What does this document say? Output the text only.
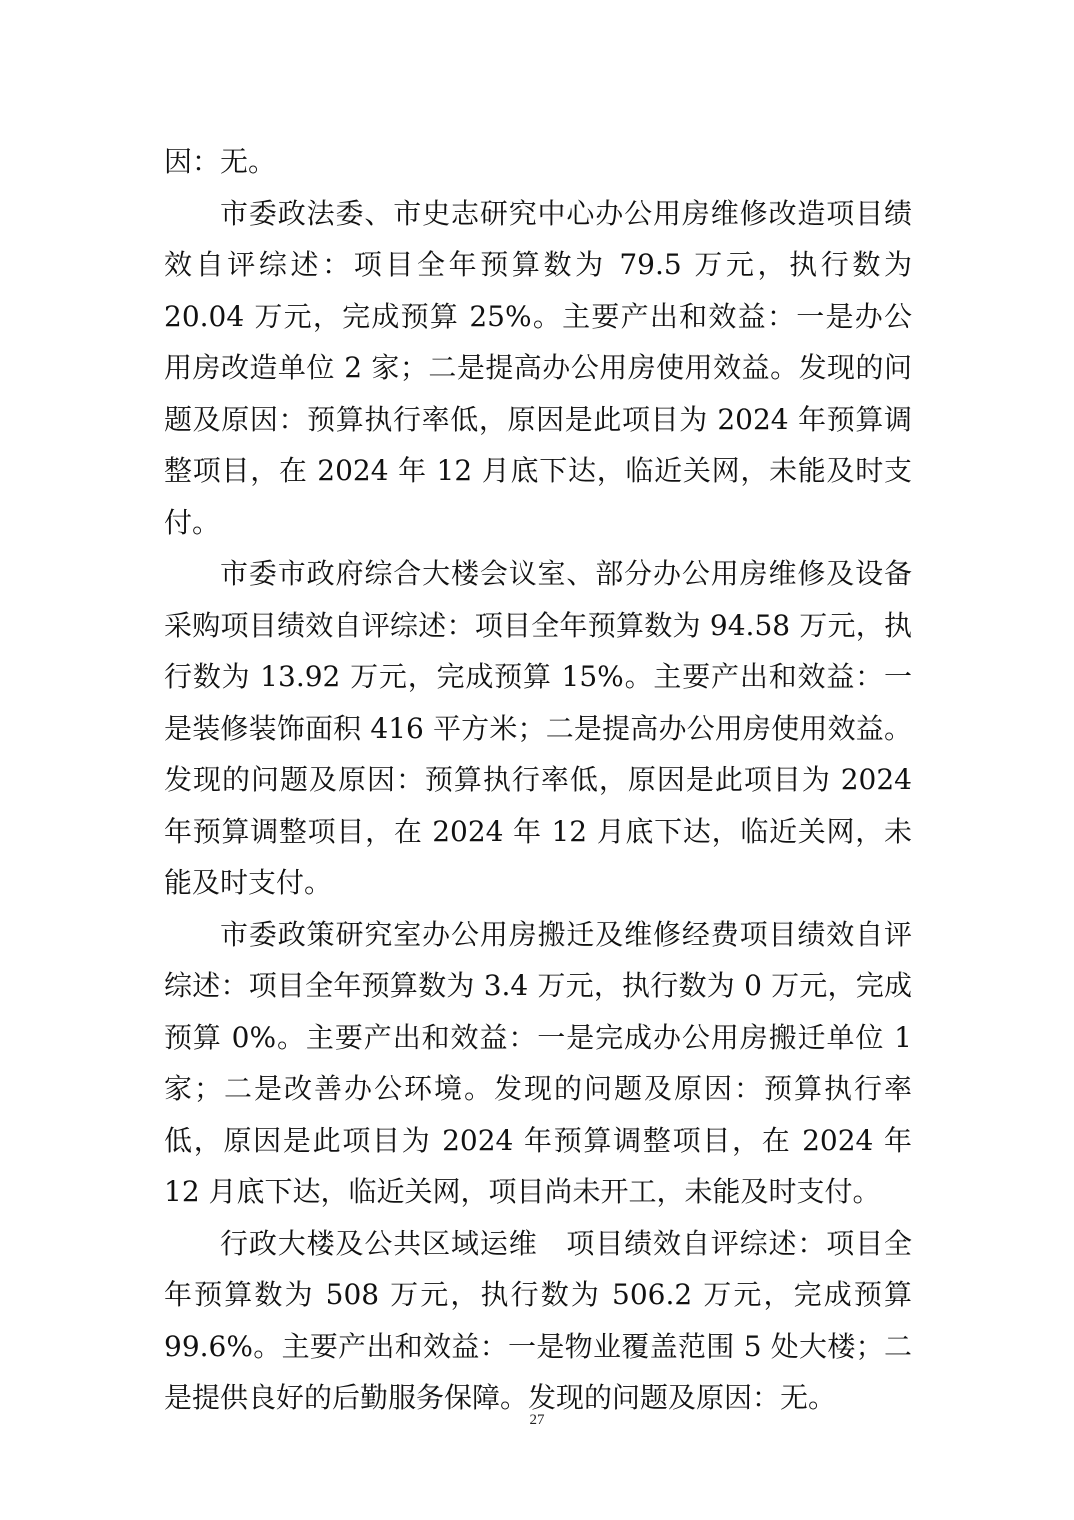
因：无。

市委政法委、市史志研究中心办公用房维修改造项目绩效自评综述：项目全年预算数为 79.5 万元，执行数为 20.04 万元，完成预算 25%。主要产出和效益：一是办公用房改造单位 2 家；二是提高办公用房使用效益。发现的问题及原因：预算执行率低，原因是此项目为 2024 年预算调整项目，在 2024 年 12 月底下达，临近关网，未能及时支付。

市委市政府综合大楼会议室、部分办公用房维修及设备采购项目绩效自评综述：项目全年预算数为 94.58 万元，执行数为 13.92 万元，完成预算 15%。主要产出和效益：一是装修装饰面积 416 平方米；二是提高办公用房使用效益。发现的问题及原因：预算执行率低，原因是此项目为 2024 年预算调整项目，在 2024 年 12 月底下达，临近关网，未能及时支付。

市委政策研究室办公用房搬迁及维修经费项目绩效自评综述：项目全年预算数为 3.4 万元，执行数为 0 万元，完成预算 0%。主要产出和效益：一是完成办公用房搬迁单位 1 家；二是改善办公环境。发现的问题及原因：预算执行率低，原因是此项目为 2024 年预算调整项目，在 2024 年 12 月底下达，临近关网，项目尚未开工，未能及时支付。

行政大楼及公共区域运维　项目绩效自评综述：项目全年预算数为 508 万元，执行数为 506.2 万元，完成预算 99.6%。主要产出和效益：一是物业覆盖范围 5 处大楼；二是提供良好的后勤服务保障。发现的问题及原因：无。

27
